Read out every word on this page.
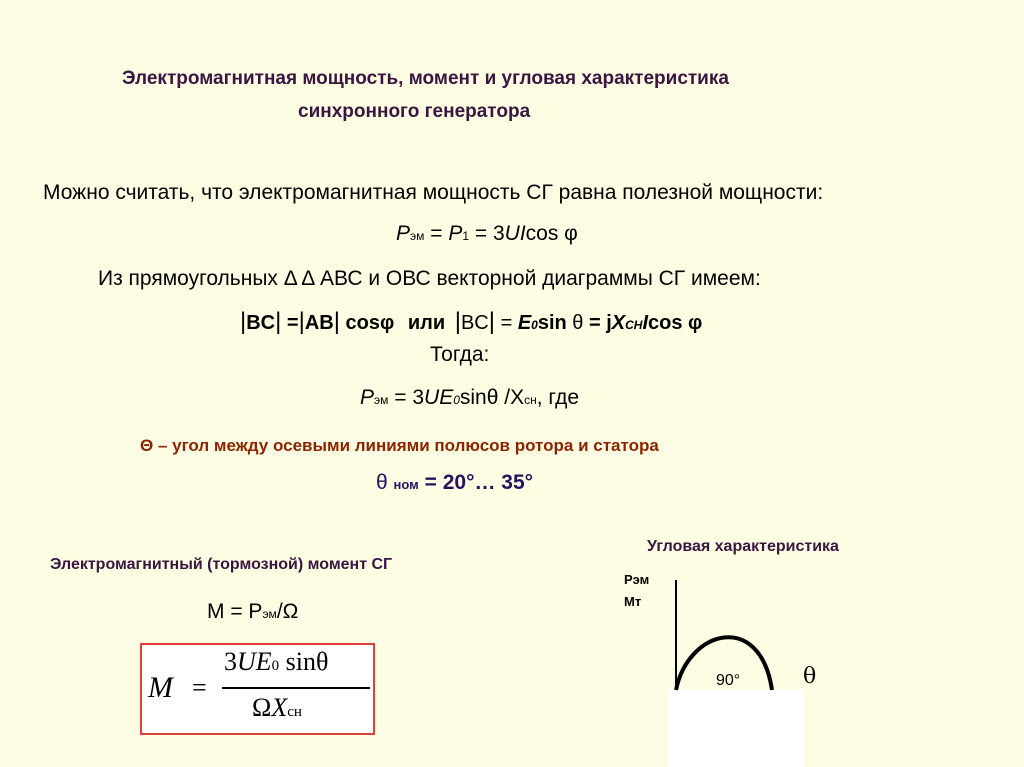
Электромагнитная мощность, момент и угловая характеристика
синхронного генератора
Можно считать, что электромагнитная мощность СГ равна полезной мощности:
Pэм = P1 = 3UIcos φ
Из прямоугольных Δ Δ АВС и ОВС векторной диаграммы СГ имеем:
|BC| =|AB| cosφ или |BC| = E0sin θ = jXCHIcos φ
Тогда:
Pэм = 3UE0sinθ /Xсн, где
Θ – угол между осевыми линиями полюсов ротора и статора
θ ном = 20°… 35°
Электромагнитный (тормозной) момент СГ
M = Pэм/Ω
M =
3UE0 sinθ
ΩXсн
Угловая характеристика
Pэм
Мт
90°	θ
